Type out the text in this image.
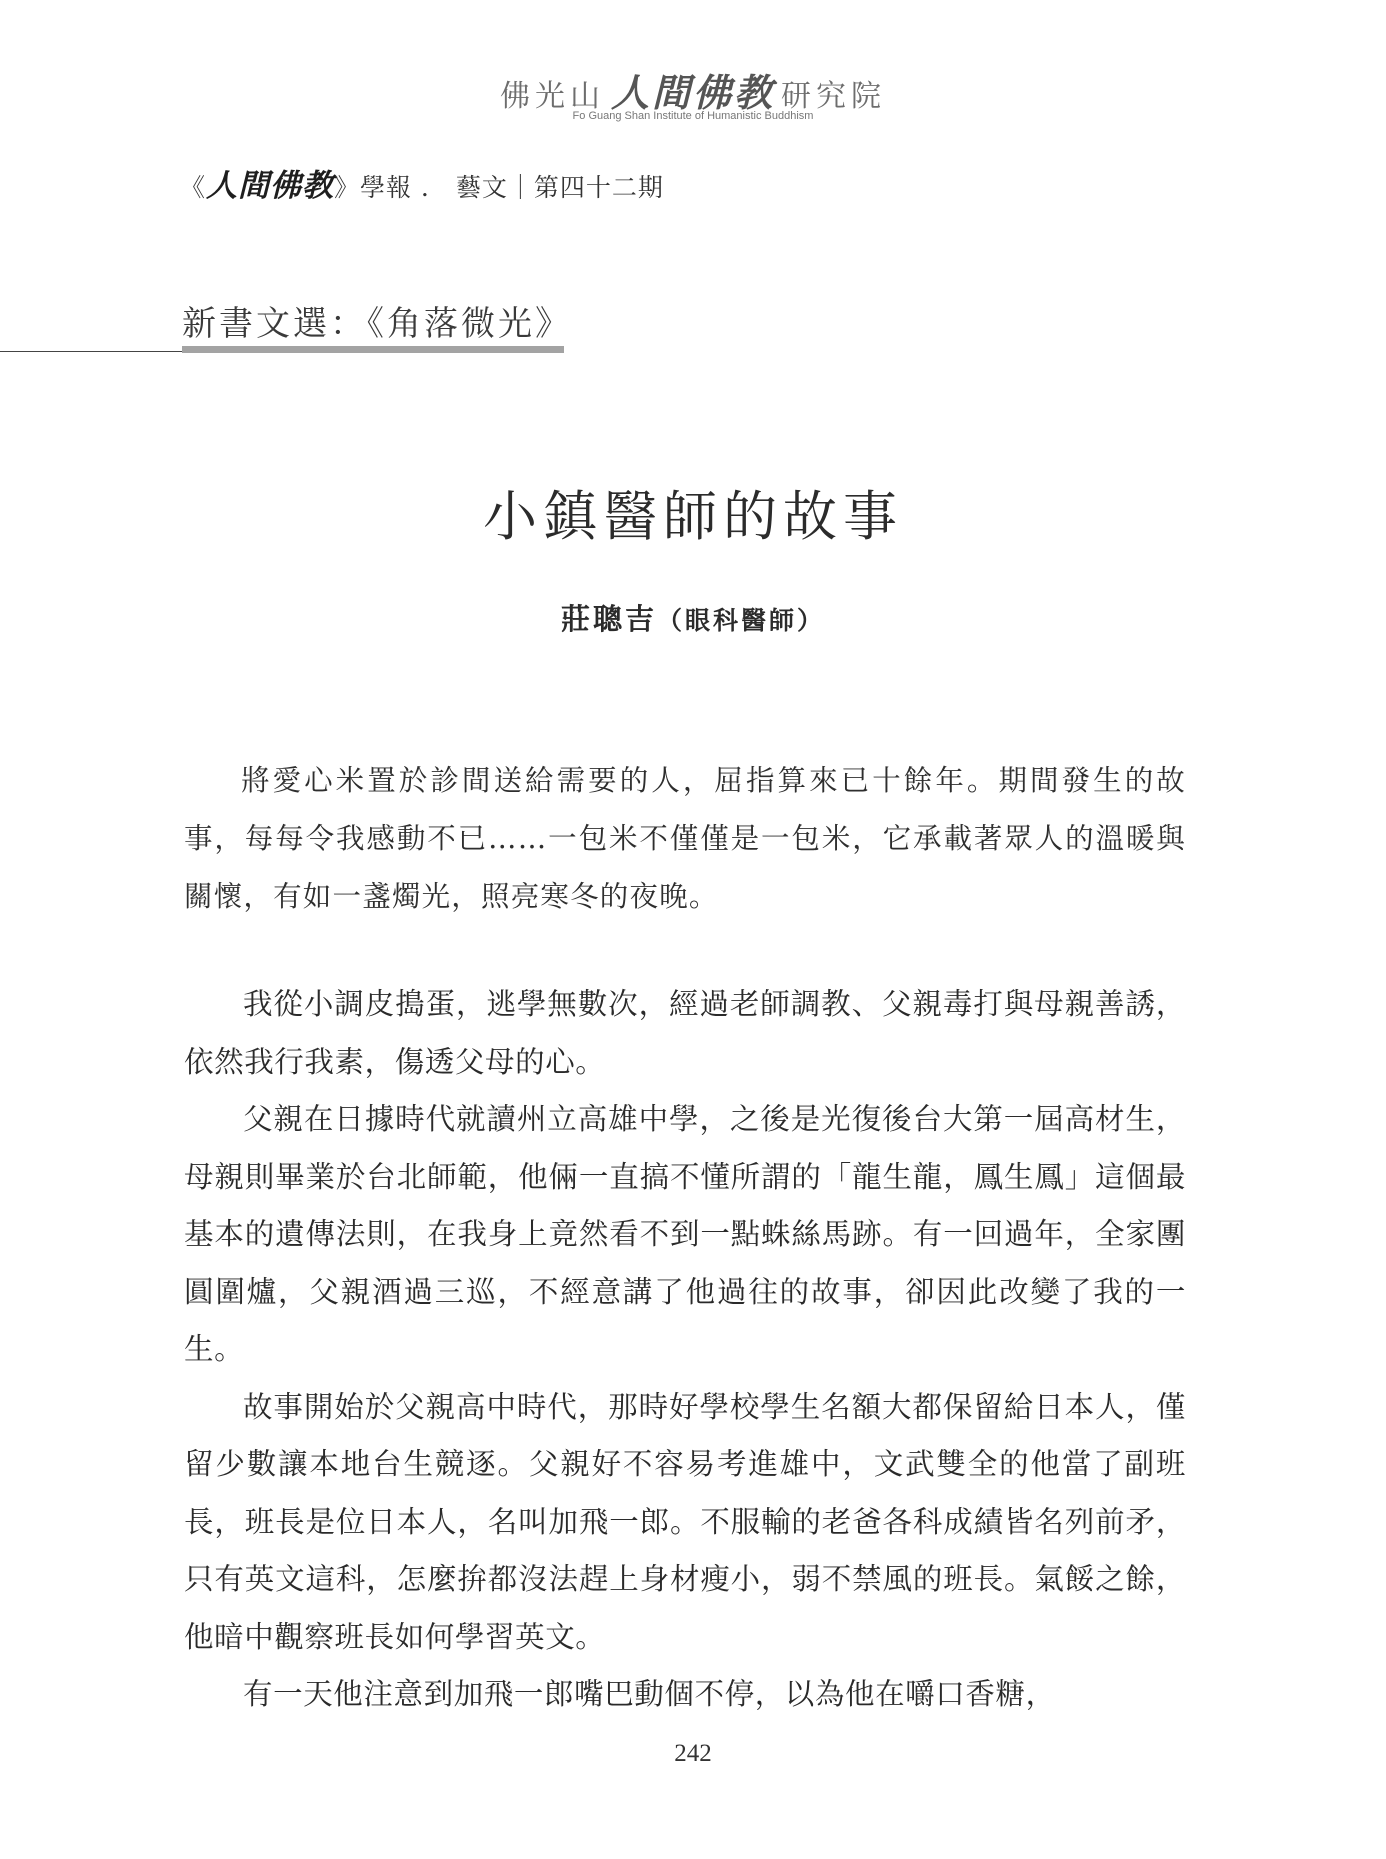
佛光山 人間佛教 研究院
Fo Guang Shan Institute of Humanistic Buddhism
《人間佛教》學報 ． 藝文｜第四十二期
新書文選：《角落微光》
小鎮醫師的故事
莊聰吉（眼科醫師）

將愛心米置於診間送給需要的人，屈指算來已十餘年。期間發生的故事，每每令我感動不已……一包米不僅僅是一包米，它承載著眾人的溫暖與關懷，有如一盞燭光，照亮寒冬的夜晚。

我從小調皮搗蛋，逃學無數次，經過老師調教、父親毒打與母親善誘，依然我行我素，傷透父母的心。

父親在日據時代就讀州立高雄中學，之後是光復後台大第一屆高材生，母親則畢業於台北師範，他倆一直搞不懂所謂的「龍生龍，鳳生鳳」這個最基本的遺傳法則，在我身上竟然看不到一點蛛絲馬跡。有一回過年，全家團圓圍爐，父親酒過三巡，不經意講了他過往的故事，卻因此改變了我的一生。

故事開始於父親高中時代，那時好學校學生名額大都保留給日本人，僅留少數讓本地台生競逐。父親好不容易考進雄中，文武雙全的他當了副班長，班長是位日本人，名叫加飛一郎。不服輸的老爸各科成績皆名列前矛，只有英文這科，怎麼拚都沒法趕上身材瘦小，弱不禁風的班長。氣餒之餘，他暗中觀察班長如何學習英文。

有一天他注意到加飛一郎嘴巴動個不停，以為他在嚼口香糖，

242
